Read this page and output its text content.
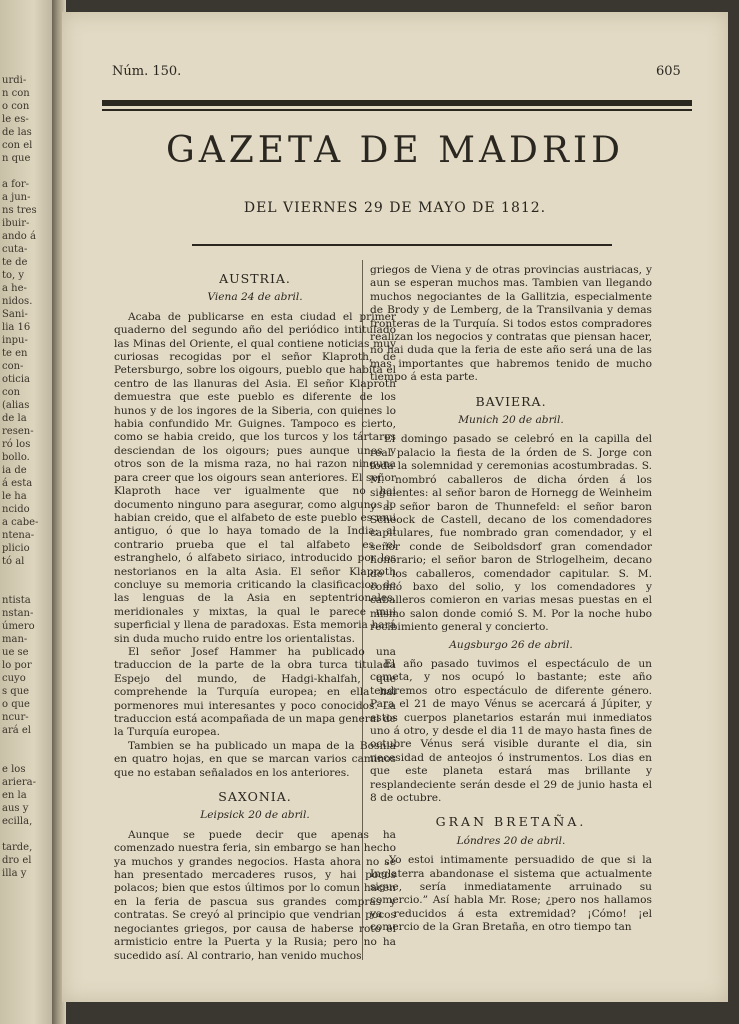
urdi-
n con
o con
le es-
de las
con el
n que

a for-
a jun-
ns tres
ibuir-
ando á
cuta-
te de
to, y
a he-
nidos.
Sani-
lia 16
inpu-
te en
con-
oticia
con
(alias
de la
resen-
ró los
bollo.
ia de
á esta
le ha
ncido
a cabe-
ntena-
plicio
tó al

ntista
nstan-
úmero
man-
ue se
lo por
cuyo
s que
o que
ncur-
ará el

e los
ariera-
en la
aus y
ecilla,

tarde,
dro el
illa y
Núm. 150.	605
GAZETA DE MADRID
DEL VIERNES 29 DE MAYO DE 1812.
AUSTRIA.
Viena 24 de abril.

Acaba de publicarse en esta ciudad el primer quaderno del segundo año del periódico intitulado las Minas del Oriente, el qual contiene noticias muy curiosas recogidas por el señor Klaproth, de Petersburgo, sobre los oigours, pueblo que habita el centro de las llanuras del Asia. El señor Klaproth demuestra que este pueblo es diferente de los hunos y de los ingores de la Siberia, con quienes lo habia confundido Mr. Guignes. Tampoco es cierto, como se habia creido, que los turcos y los tártaros desciendan de los oigours; pues aunque unos y otros son de la misma raza, no hai razon ninguna para creer que los oigours sean anteriores. El señor Klaproth hace ver igualmente que no hai documento ninguno para asegurar, como algunos lo habian creido, que el alfabeto de este pueblo es mui antiguo, ó que lo haya tomado de la India; al contrario prueba que el tal alfabeto es el estranghelo, ó alfabeto siriaco, introducido por los nestorianos en la alta Asia. El señor Klaproth concluye su memoria criticando la clasificacion de las lenguas de la Asia en septentrionales, meridionales y mixtas, la qual le parece mui superficial y llena de paradoxas. Esta memoria hará sin duda mucho ruido entre los orientalistas.

El señor Josef Hammer ha publicado una traduccion de la parte de la obra turca titulada Espejo del mundo, de Hadgi-khalfah, que comprehende la Turquía europea; en ella hai pormenores mui interesantes y poco conocidos. La traduccion está acompañada de un mapa general de la Turquía europea.

Tambien se ha publicado un mapa de la Bosnia en quatro hojas, en que se marcan varios caminos que no estaban señalados en los anteriores.

SAXONIA.
Leipsick 20 de abril.

Aunque se puede decir que apenas ha comenzado nuestra feria, sin embargo se han hecho ya muchos y grandes negocios. Hasta ahora no se han presentado mercaderes rusos, y hai pocos polacos; bien que estos últimos por lo comun hacen en la feria de pascua sus grandes compras y contratas. Se creyó al principio que vendrian pocos negociantes griegos, por causa de haberse roto el armisticio entre la Puerta y la Rusia; pero no ha sucedido así. Al contrario, han venido muchos

griegos de Viena y de otras provincias austriacas, y aun se esperan muchos mas. Tambien van llegando muchos negociantes de la Gallitzia, especialmente de Brody y de Lemberg, de la Transilvania y demas fronteras de la Turquía. Si todos estos compradores realizan los negocios y contratas que piensan hacer, no hai duda que la feria de este año será una de las mas importantes que habremos tenido de mucho tiempo á esta parte.

BAVIERA.
Munich 20 de abril.

El domingo pasado se celebró en la capilla del real palacio la fiesta de la órden de S. Jorge con toda la solemnidad y ceremonias acostumbradas. S. M. nombró caballeros de dicha órden á los siguientes: al señor baron de Hornegg de Weinheim y al señor baron de Thunnefeld: el señor baron Scheock de Castell, decano de los comendadores capitulares, fue nombrado gran comendador, y el señor conde de Seiboldsdorf gran comendador honorario; el señor baron de Strlogelheim, decano de los caballeros, comendador capitular. S. M. comió baxo del solio, y los comendadores y caballeros comieron en varias mesas puestas en el mismo salon donde comió S. M. Por la noche hubo recibimiento general y concierto.

Augsburgo 26 de abril.

El año pasado tuvimos el espectáculo de un cometa, y nos ocupó lo bastante; este año tendremos otro espectáculo de diferente género. Para el 21 de mayo Vénus se acercará á Júpiter, y estos cuerpos planetarios estarán mui inmediatos uno á otro, y desde el dia 11 de mayo hasta fines de octubre Vénus será visible durante el dia, sin necesidad de anteojos ó instrumentos. Los dias en que este planeta estará mas brillante y resplandeciente serán desde el 29 de junio hasta el 8 de octubre.

GRAN BRETAÑA.
Lóndres 20 de abril.

„Yo estoi intimamente persuadido de que si la Inglaterra abandonase el sistema que actualmente sigue, sería inmediatamente arruinado su comercio.” Así habla Mr. Rose; ¿pero nos hallamos ya reducidos á esta extremidad? ¡Cómo! ¡el comercio de la Gran Bretaña, en otro tiempo tan
